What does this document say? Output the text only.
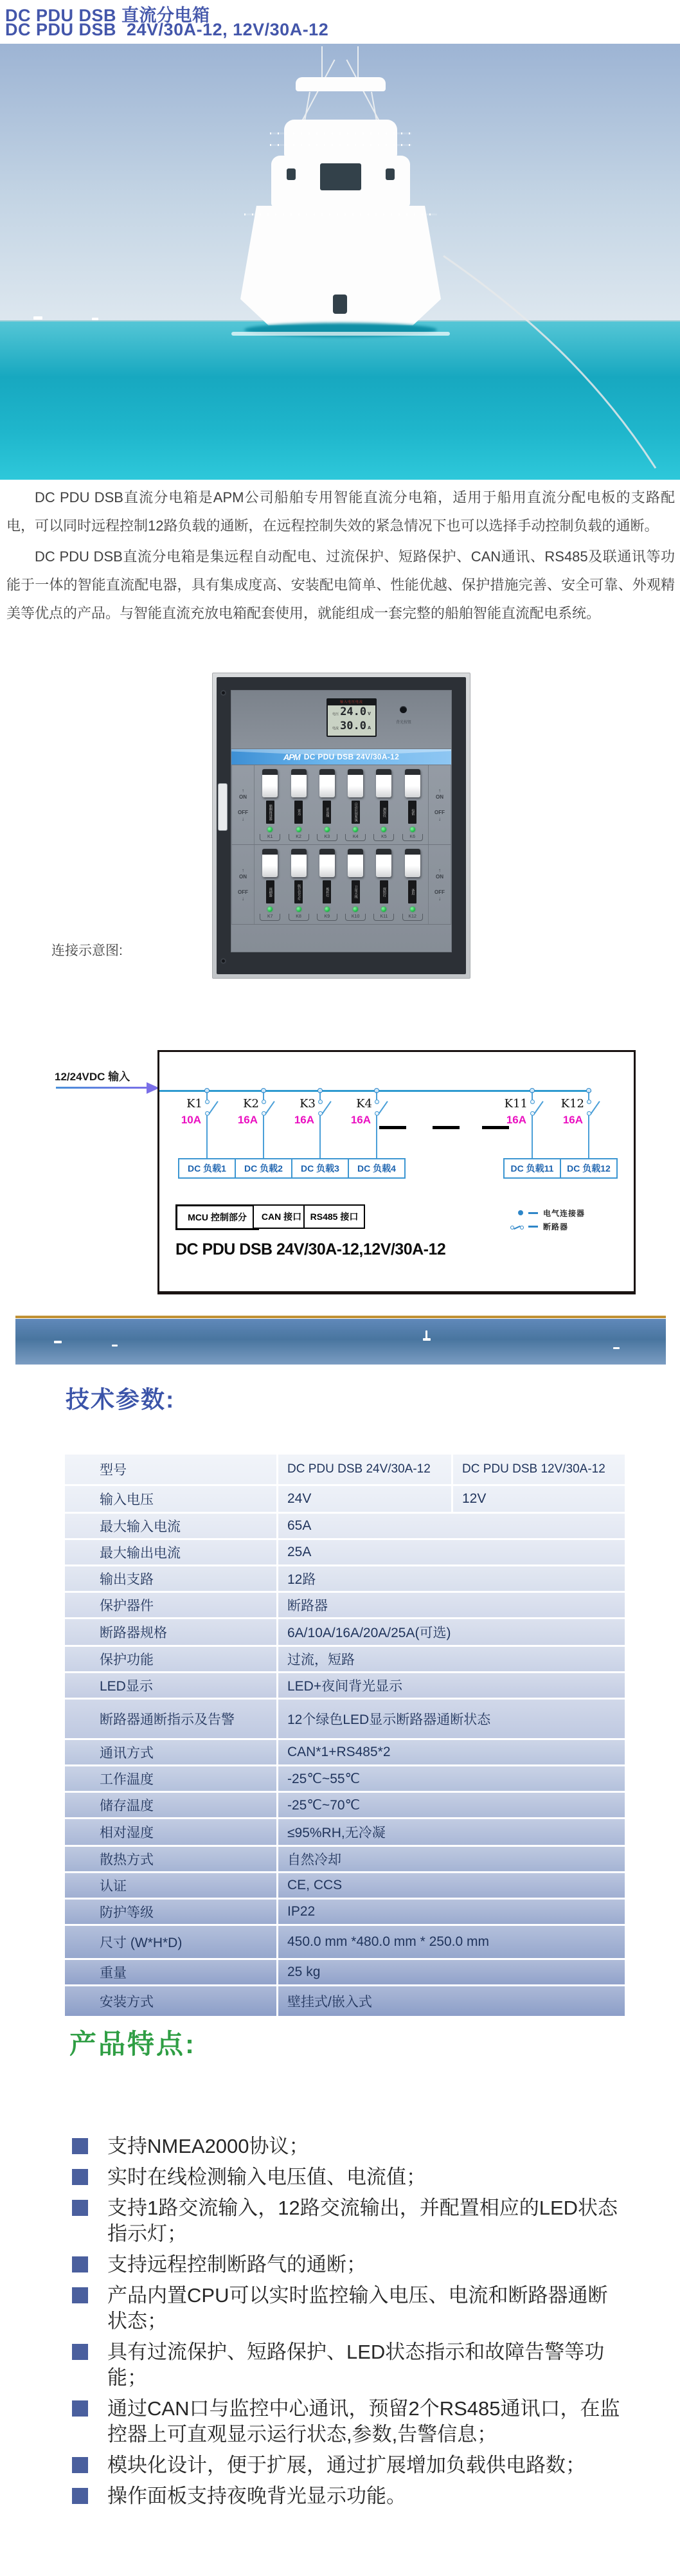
DC PDU DSB 直流分电箱
DC PDU DSB  24V/30A-12, 12V/30A-12
DC PDU DSB直流分电箱是APM公司船舶专用智能直流分电箱，适用于船用直流分配电板的支路配电，可以同时远程控制12路负载的通断，在远程控制失效的紧急情况下也可以选择手动控制负载的通断。
DC PDU DSB直流分电箱是集远程自动配电、过流保护、短路保护、CAN通讯、RS485及联通讯等功能于一体的智能直流配电器，具有集成度高、安装配电简单、性能优越、保护措施完善、安全可靠、外观精美等优点的产品。与智能直流充放电箱配套使用，就能组成一套完整的船舶智能直流配电系统。
输入电压电流
电压 24.0 V
电流 30.0 A
背光按钮
APM DC PDU DSB 24V/30A-12
↑
ON
OFF
↓	艏侧推进器
K1
雷达
K2
甚高频
K3
自动识别系统
K4
测深仪
K5
电笛
K6
↑
ON
OFF
↓
↑
ON
OFF
↓
雨刷器
K7
航行信号灯
K8
桅杆灯
K9
卫星天线
K10
探照灯
K11
备用
K12
↑
ON
OFF
↓
连接示意图:
12/24VDC 输入
K1
10A
DC 负载1
K2
16A
DC 负载2
K3
16A
DC 负载3
K4
16A
DC 负载4
K11
16A
DC 负载11
K12
16A
DC 负载12
MCU 控制部分	CAN 接口 RS485 接口
DC PDU DSB 24V/30A-12,12V/30A-12
电气连接器
断路器
技术参数:
型号	DC PDU DSB 24V/30A-12	DC PDU DSB 12V/30A-12
输入电压	24V	12V
最大输入电流	65A
最大输出电流	25A
输出支路	12路
保护器件	断路器
断路器规格	6A/10A/16A/20A/25A(可选)
保护功能	过流，短路
LED显示	LED+夜间背光显示
断路器通断指示及告警	12个绿色LED显示断路器通断状态
通讯方式	CAN*1+RS485*2
工作温度	-25℃~55℃
储存温度	-25℃~70℃
相对湿度	≤95%RH,无冷凝
散热方式	自然冷却
认证	CE, CCS
防护等级	IP22
尺寸 (W*H*D)	450.0 mm *480.0 mm * 250.0 mm
重量	25 kg
安装方式	壁挂式/嵌入式
产品特点:
支持NMEA2000协议；
实时在线检测输入电压值、电流值；
支持1路交流输入，12路交流输出，并配置相应的LED状态指示灯；
支持远程控制断路气的通断；
产品内置CPU可以实时监控输入电压、电流和断路器通断状态；
具有过流保护、短路保护、LED状态指示和故障告警等功能；
通过CAN口与监控中心通讯，预留2个RS485通讯口，在监控器上可直观显示运行状态,参数,告警信息；
模块化设计，便于扩展，通过扩展增加负载供电路数；
操作面板支持夜晚背光显示功能。
